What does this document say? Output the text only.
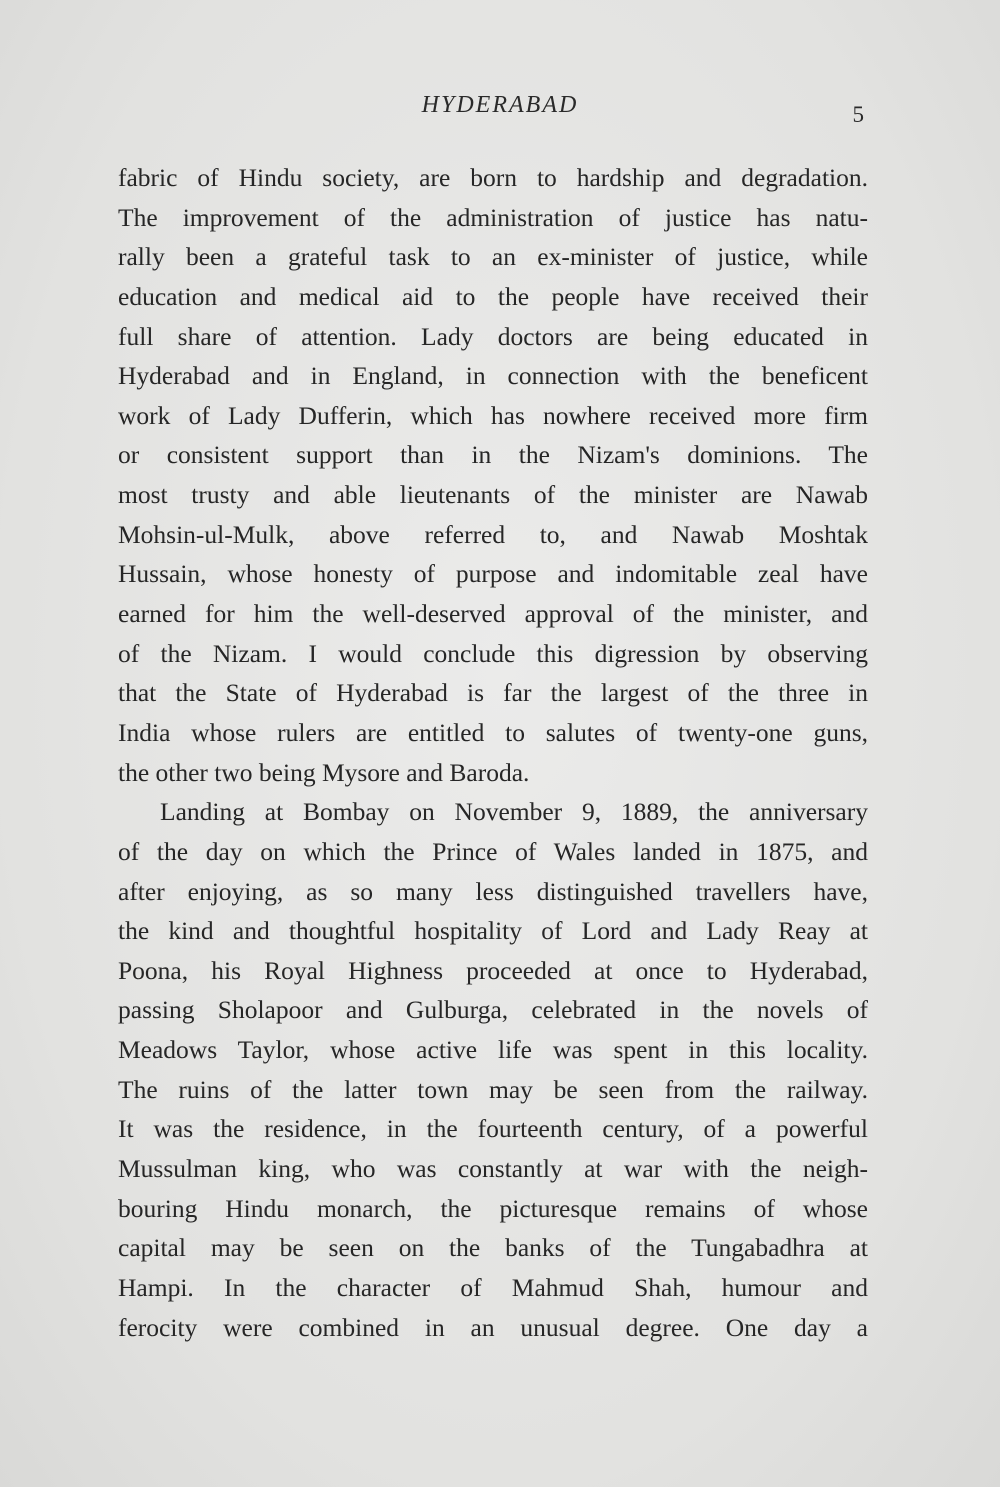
HYDERABAD	5
fabric of Hindu society, are born to hardship and degradation.
The improvement of the administration of justice has natu-
rally been a grateful task to an ex-minister of justice, while
education and medical aid to the people have received their
full share of attention. Lady doctors are being educated in
Hyderabad and in England, in connection with the beneficent
work of Lady Dufferin, which has nowhere received more firm
or consistent support than in the Nizam's dominions. The
most trusty and able lieutenants of the minister are Nawab
Mohsin-ul-Mulk, above referred to, and Nawab Moshtak
Hussain, whose honesty of purpose and indomitable zeal have
earned for him the well-deserved approval of the minister, and
of the Nizam. I would conclude this digression by observing
that the State of Hyderabad is far the largest of the three in
India whose rulers are entitled to salutes of twenty-one guns,
the other two being Mysore and Baroda.
Landing at Bombay on November 9, 1889, the anniversary
of the day on which the Prince of Wales landed in 1875, and
after enjoying, as so many less distinguished travellers have,
the kind and thoughtful hospitality of Lord and Lady Reay at
Poona, his Royal Highness proceeded at once to Hyderabad,
passing Sholapoor and Gulburga, celebrated in the novels of
Meadows Taylor, whose active life was spent in this locality.
The ruins of the latter town may be seen from the railway.
It was the residence, in the fourteenth century, of a powerful
Mussulman king, who was constantly at war with the neigh-
bouring Hindu monarch, the picturesque remains of whose
capital may be seen on the banks of the Tungabadhra at
Hampi. In the character of Mahmud Shah, humour and
ferocity were combined in an unusual degree. One day a
